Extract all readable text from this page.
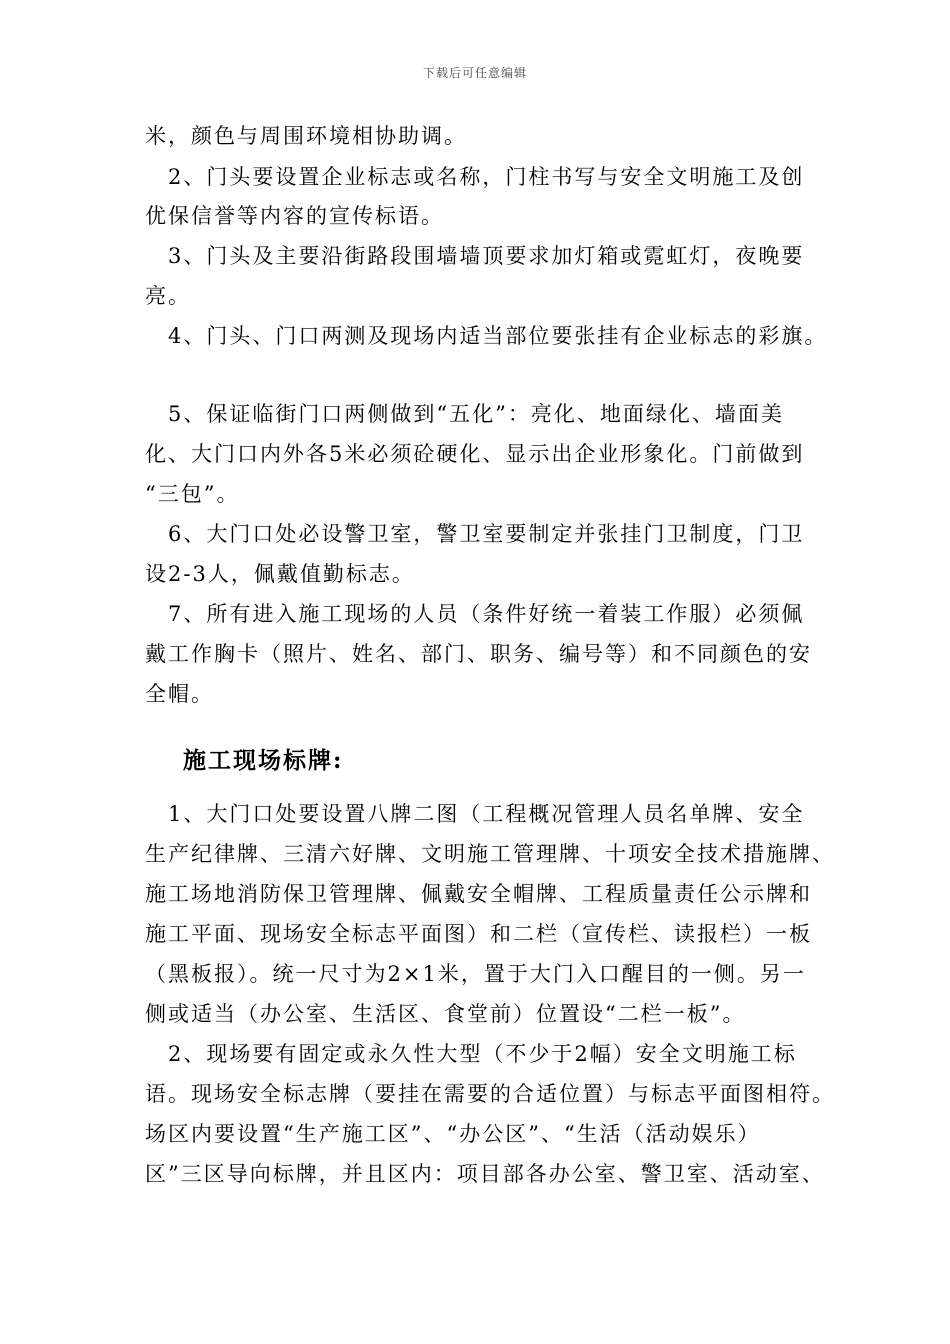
下载后可任意编辑
米，颜色与周围环境相协助调。
　2、门头要设置企业标志或名称，门柱书写与安全文明施工及创
优保信誉等内容的宣传标语。
　3、门头及主要沿街路段围墙墙顶要求加灯箱或霓虹灯，夜晚要
亮。
　4、门头、门口两测及现场内适当部位要张挂有企业标志的彩旗。
　5、保证临街门口两侧做到“五化”：亮化、地面绿化、墙面美
化、大门口内外各5米必须砼硬化、显示出企业形象化。门前做到
“三包”。
　6、大门口处必设警卫室，警卫室要制定并张挂门卫制度，门卫
设2-3人，佩戴值勤标志。
　7、所有进入施工现场的人员（条件好统一着装工作服）必须佩
戴工作胸卡（照片、姓名、部门、职务、编号等）和不同颜色的安
全帽。
施工现场标牌:
　1、大门口处要设置八牌二图（工程概况管理人员名单牌、安全
生产纪律牌、三清六好牌、文明施工管理牌、十项安全技术措施牌、
施工场地消防保卫管理牌、佩戴安全帽牌、工程质量责任公示牌和
施工平面、现场安全标志平面图）和二栏（宣传栏、读报栏）一板
（黑板报）。统一尺寸为2×1米，置于大门入口醒目的一侧。另一
侧或适当（办公室、生活区、食堂前）位置设“二栏一板”。
　2、现场要有固定或永久性大型（不少于2幅）安全文明施工标
语。现场安全标志牌（要挂在需要的合适位置）与标志平面图相符。
场区内要设置“生产施工区”、“办公区”、“生活（活动娱乐）
区”三区导向标牌，并且区内：项目部各办公室、警卫室、活动室、
